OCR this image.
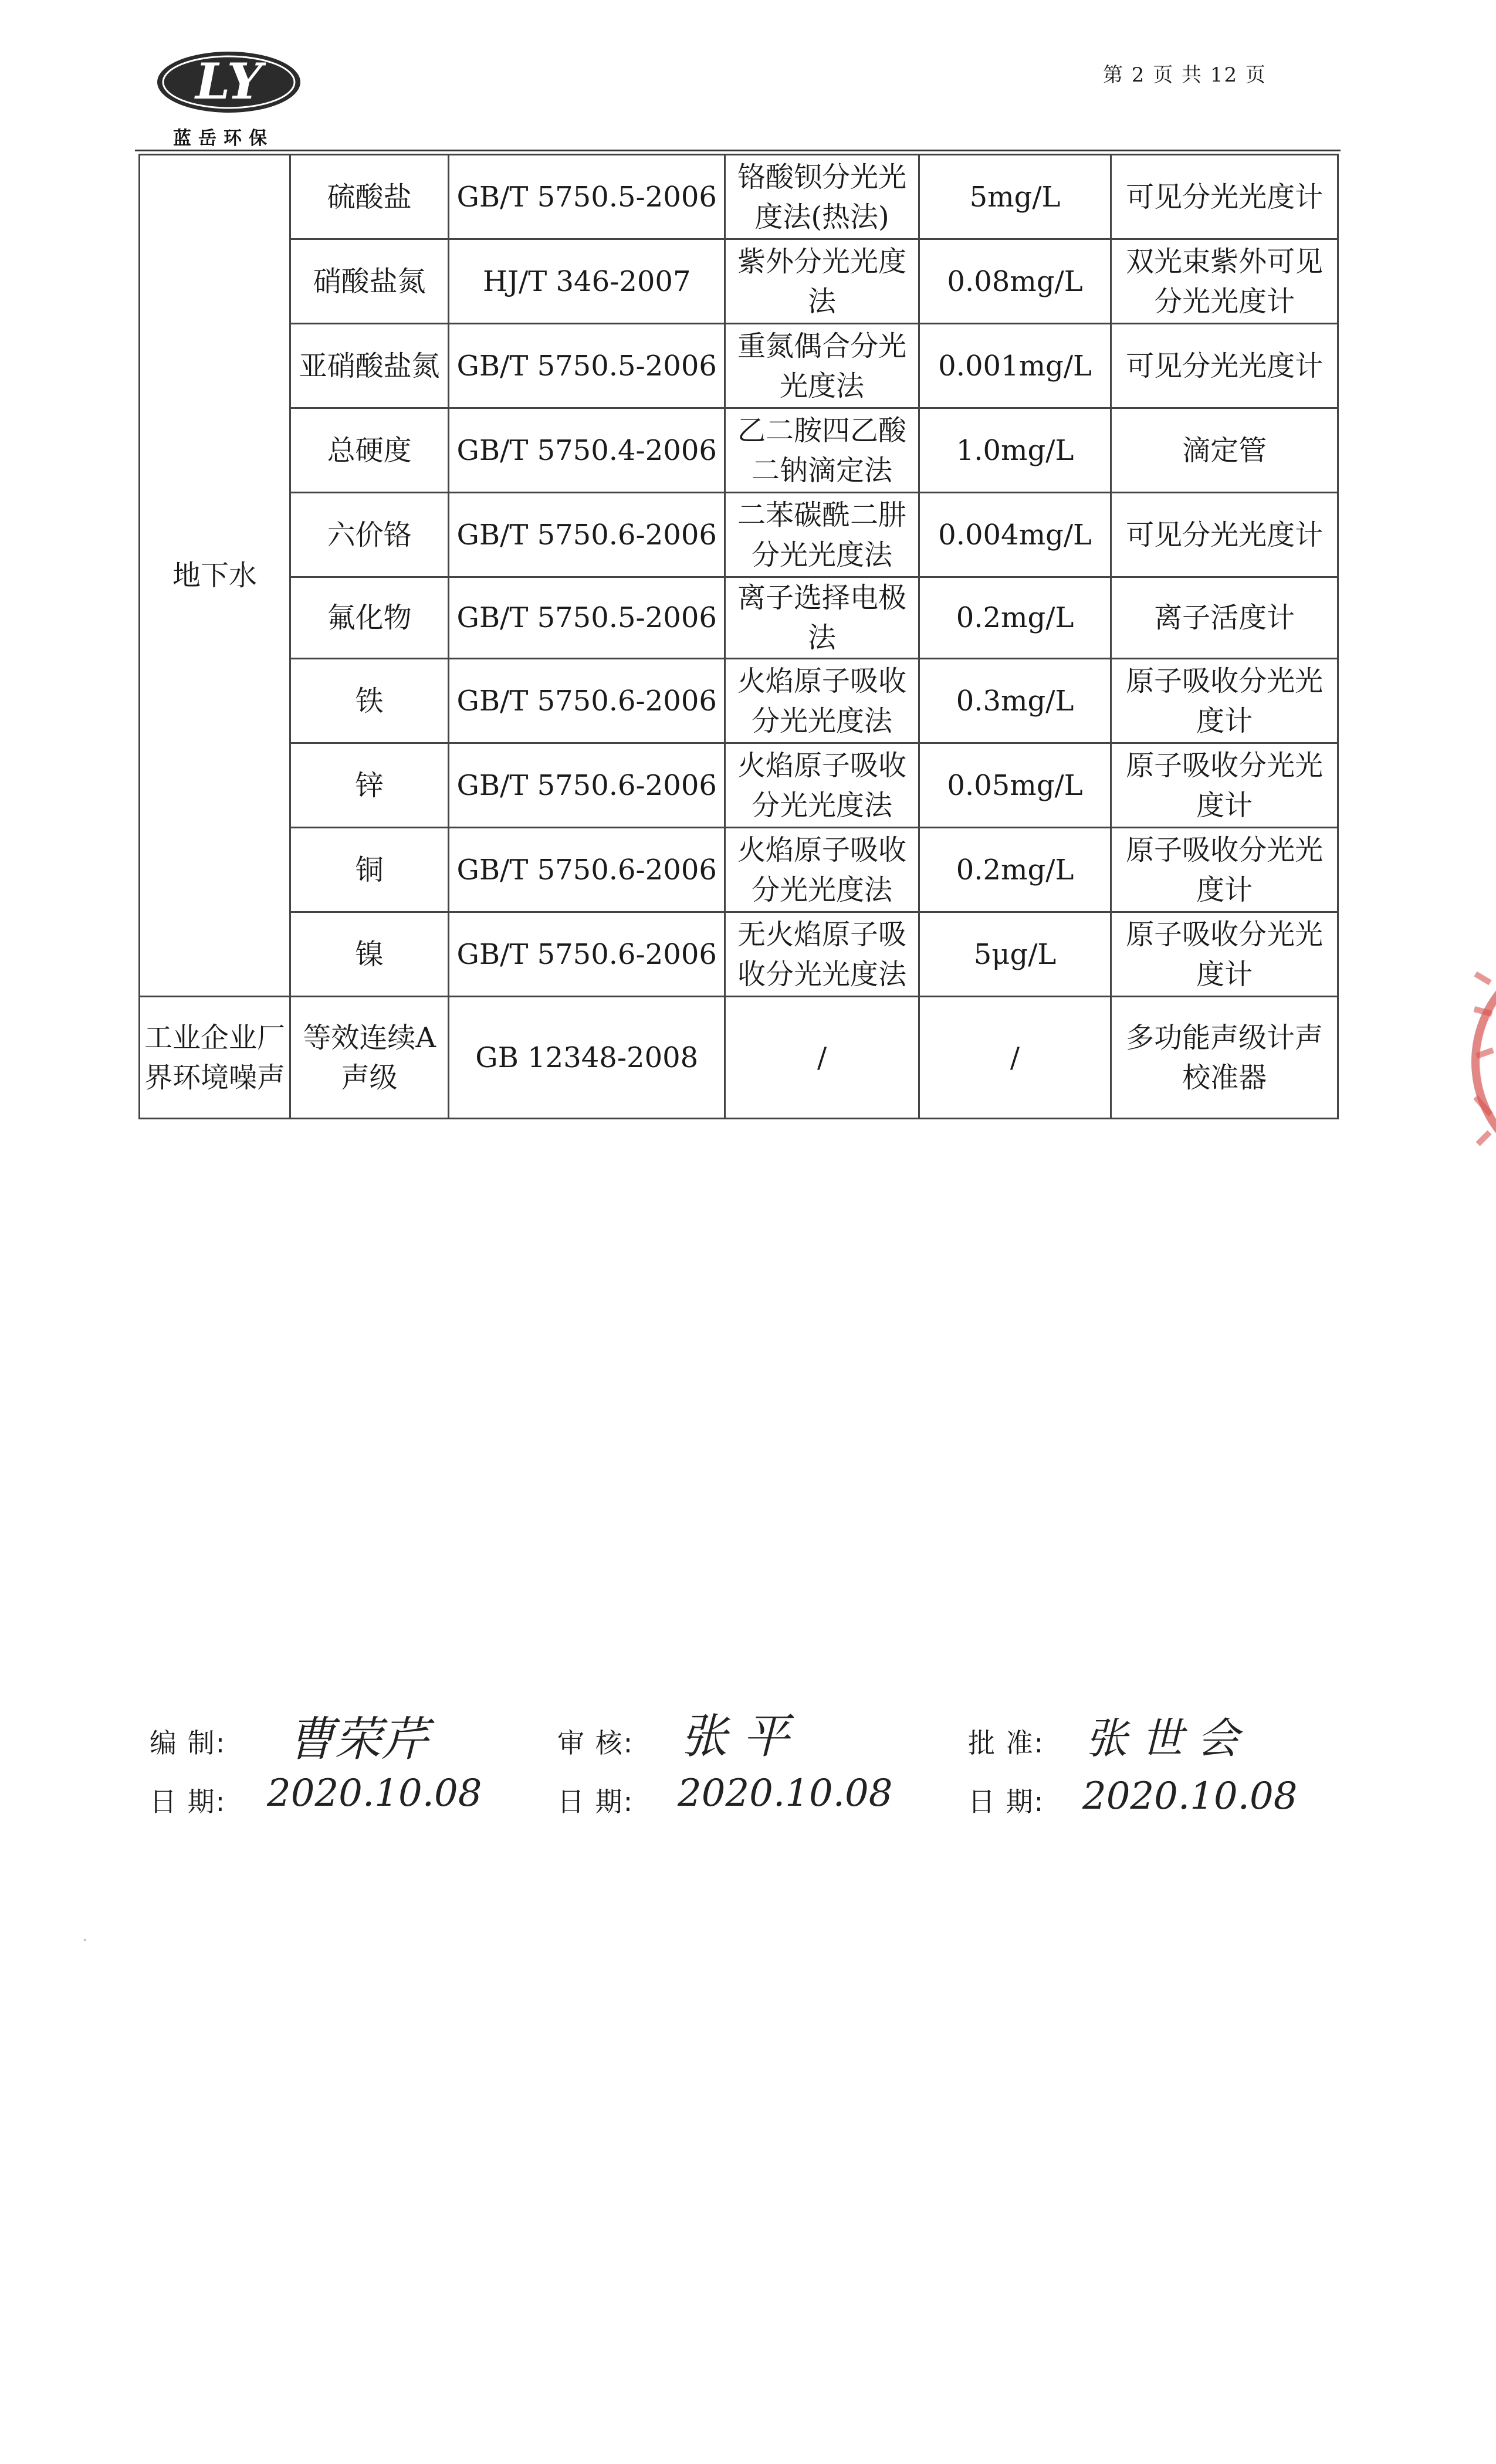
LY
蓝岳环保
第 2 页 共 12 页
地下水	硫酸盐	GB/T 5750.5-2006	铬酸钡分光光度法(热法)	5mg/L	可见分光光度计
	硝酸盐氮	HJ/T 346-2007	紫外分光光度法	0.08mg/L	双光束紫外可见分光光度计
	亚硝酸盐氮	GB/T 5750.5-2006	重氮偶合分光光度法	0.001mg/L	可见分光光度计
	总硬度	GB/T 5750.4-2006	乙二胺四乙酸二钠滴定法	1.0mg/L	滴定管
	六价铬	GB/T 5750.6-2006	二苯碳酰二肼分光光度法	0.004mg/L	可见分光光度计
	氟化物	GB/T 5750.5-2006	离子选择电极法	0.2mg/L	离子活度计
	铁	GB/T 5750.6-2006	火焰原子吸收分光光度法	0.3mg/L	原子吸收分光光度计
	锌	GB/T 5750.6-2006	火焰原子吸收分光光度法	0.05mg/L	原子吸收分光光度计
	铜	GB/T 5750.6-2006	火焰原子吸收分光光度法	0.2mg/L	原子吸收分光光度计
	镍	GB/T 5750.6-2006	无火焰原子吸收分光光度法	5μg/L	原子吸收分光光度计
工业企业厂界环境噪声	等效连续A声级	GB 12348-2008	/	/	多功能声级计声校准器
编 制: 曹荣芹	审 核: 张 平	批 准: 张 世 会
日 期: 2020.10.08	日 期: 2020.10.08	日 期: 2020.10.08
·
